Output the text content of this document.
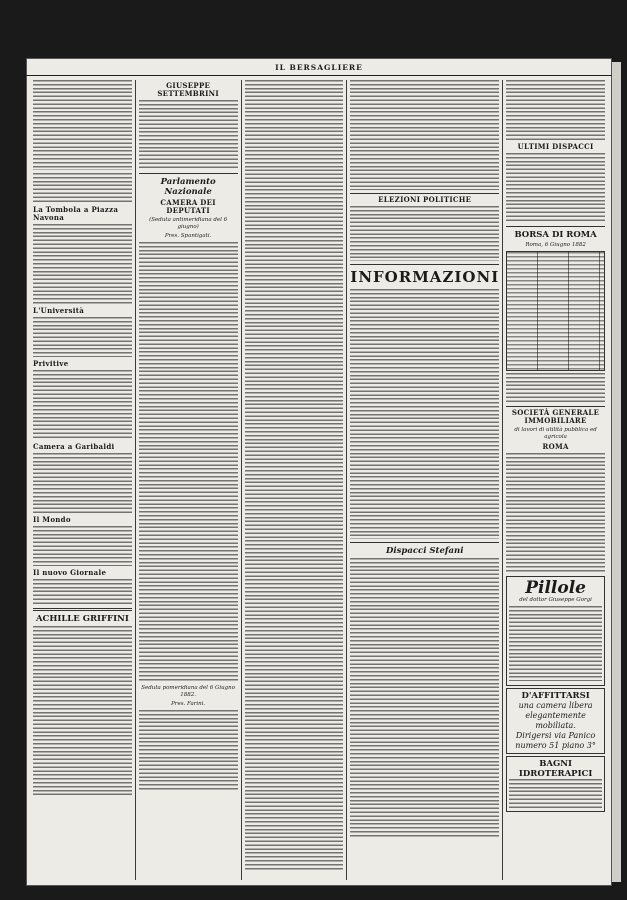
IL BERSAGLIERE
La Tombola a Piazza Navona
L'Università
Privitive
Camera a Garibaldi
Il Mondo
Il nuovo Giornale
ACHILLE GRIFFINI
GIUSEPPE SETTEMBRINI
Parlamento Nazionale
CAMERA DEI DEPUTATI
(Seduta antimeridiana del 6 giugno)
Pres. Spantigati.
Seduta pomeridiana del 6 Giugno 1882.
Pres. Farini.
ELEZIONI POLITICHE
INFORMAZIONI
Dispacci Stefani
ULTIMI DISPACCI
BORSA DI ROMA
Roma, 6 Giugno 1882
SOCIETÀ GENERALE IMMOBILIARE
di lavori di utilità pubblica ed agricola
ROMA
Pillole
del dottor Giuseppe Gorgi
D'AFFITTARSI
una camera libera elegantemente mobiliata.
Dirigersi via Panico numero 51 piano 3°
BAGNI IDROTERAPICI
